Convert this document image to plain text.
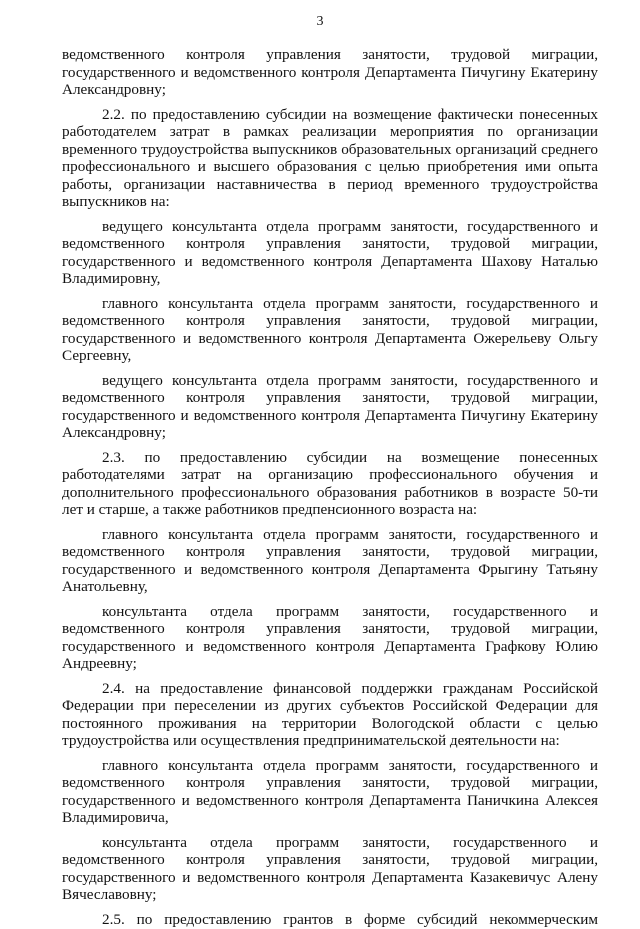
3

ведомственного контроля управления занятости, трудовой миграции, государственного и ведомственного контроля Департамента Пичугину Екатерину Александровну;

2.2. по предоставлению субсидии на возмещение фактически понесенных работодателем затрат в рамках реализации мероприятия по организации временного трудоустройства выпускников образовательных организаций среднего профессионального и высшего образования с целью приобретения ими опыта работы, организации наставничества в период временного трудоустройства выпускников на:

ведущего консультанта отдела программ занятости, государственного и ведомственного контроля управления занятости, трудовой миграции, государственного и ведомственного контроля Департамента Шахову Наталью Владимировну,

главного консультанта отдела программ занятости, государственного и ведомственного контроля управления занятости, трудовой миграции, государственного и ведомственного контроля Департамента Ожерельеву Ольгу Сергеевну,

ведущего консультанта отдела программ занятости, государственного и ведомственного контроля управления занятости, трудовой миграции, государственного и ведомственного контроля Департамента Пичугину Екатерину Александровну;

2.3. по предоставлению субсидии на возмещение понесенных работодателями затрат на организацию профессионального обучения и дополнительного профессионального образования работников в возрасте 50-ти лет и старше, а также работников предпенсионного возраста на:

главного консультанта отдела программ занятости, государственного и ведомственного контроля управления занятости, трудовой миграции, государственного и ведомственного контроля Департамента Фрыгину Татьяну Анатольевну,

консультанта отдела программ занятости, государственного и ведомственного контроля управления занятости, трудовой миграции, государственного и ведомственного контроля Департамента Графкову Юлию Андреевну;

2.4. на предоставление финансовой поддержки гражданам Российской Федерации при переселении из других субъектов Российской Федерации для постоянного проживания на территории Вологодской области с целью трудоустройства или осуществления предпринимательской деятельности на:

главного консультанта отдела программ занятости, государственного и ведомственного контроля управления занятости, трудовой миграции, государственного и ведомственного контроля Департамента Паничкина Алексея Владимировича,

консультанта отдела программ занятости, государственного и ведомственного контроля управления занятости, трудовой миграции, государственного и ведомственного контроля Департамента Казакевичус Алену Вячеславовну;

2.5. по предоставлению грантов в форме субсидий некоммерческим
